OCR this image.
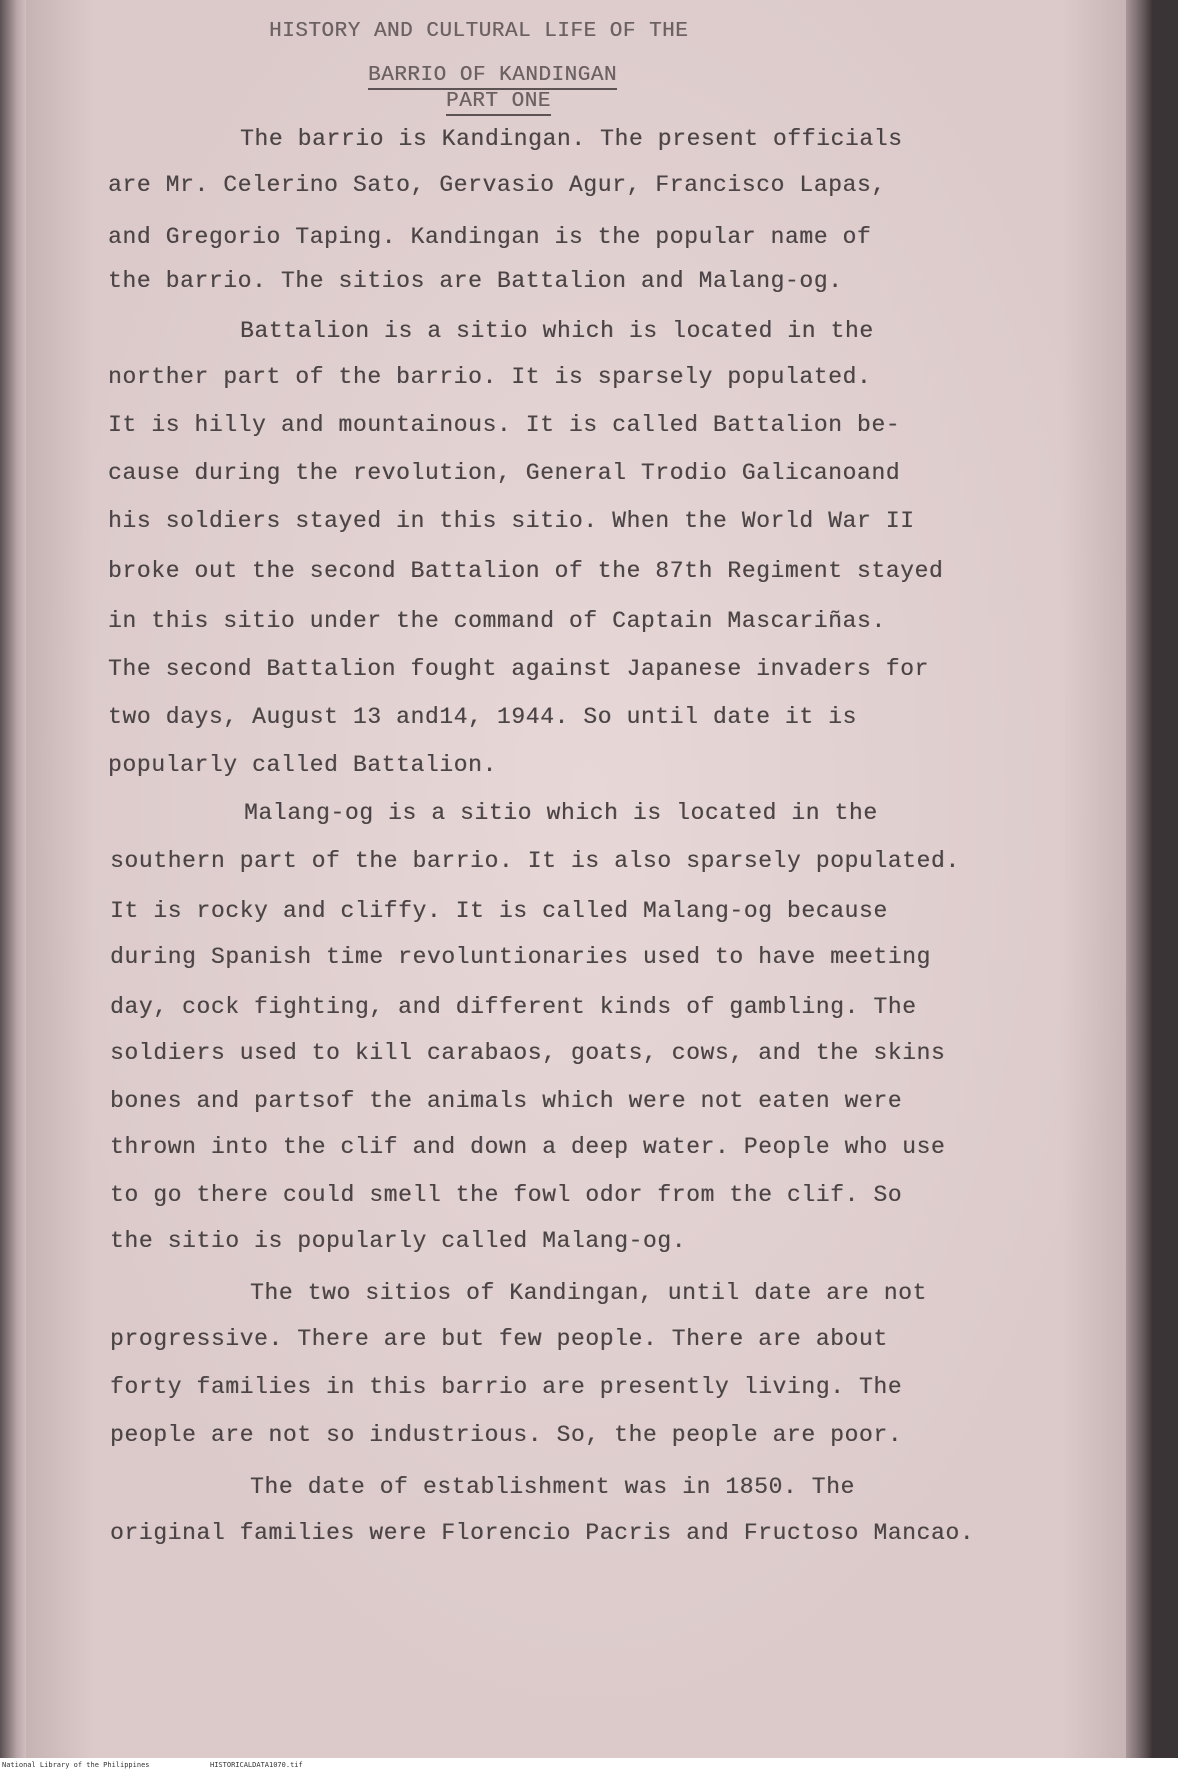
HISTORY AND CULTURAL LIFE OF THE
BARRIO OF KANDINGAN
PART ONE
The barrio is Kandingan. The present officials
are Mr. Celerino Sato, Gervasio Agur, Francisco Lapas,
and Gregorio Taping. Kandingan is the popular name of
the barrio. The sitios are Battalion and Malang-og.
Battalion is a sitio which is located in the
norther part of the barrio. It is sparsely populated.
It is hilly and mountainous. It is called Battalion be-
cause during the revolution, General Trodio Galicanoand
his soldiers stayed in this sitio. When the World War II
broke out the second Battalion of the 87th Regiment stayed
in this sitio under the command of Captain Mascariñas.
The second Battalion fought against Japanese invaders for
two days, August 13 and14, 1944. So until date it is
popularly called Battalion.
Malang-og is a sitio which is located in the
southern part of the barrio. It is also sparsely populated.
It is rocky and cliffy. It is called Malang-og because
during Spanish time revoluntionaries used to have meeting
day, cock fighting, and different kinds of gambling. The
soldiers used to kill carabaos, goats, cows, and the skins
bones and partsof the animals which were not eaten were
thrown into the clif and down a deep water. People who use
to go there could smell the fowl odor from the clif. So
the sitio is popularly called Malang-og.
The two sitios of Kandingan, until date are not
progressive. There are but few people. There are about
forty families in this barrio are presently living. The
people are not so industrious. So, the people are poor.
The date of establishment was in 1850. The
original families were Florencio Pacris and Fructoso Mancao.
National Library of the Philippines	HISTORICALDATA1070.tif
